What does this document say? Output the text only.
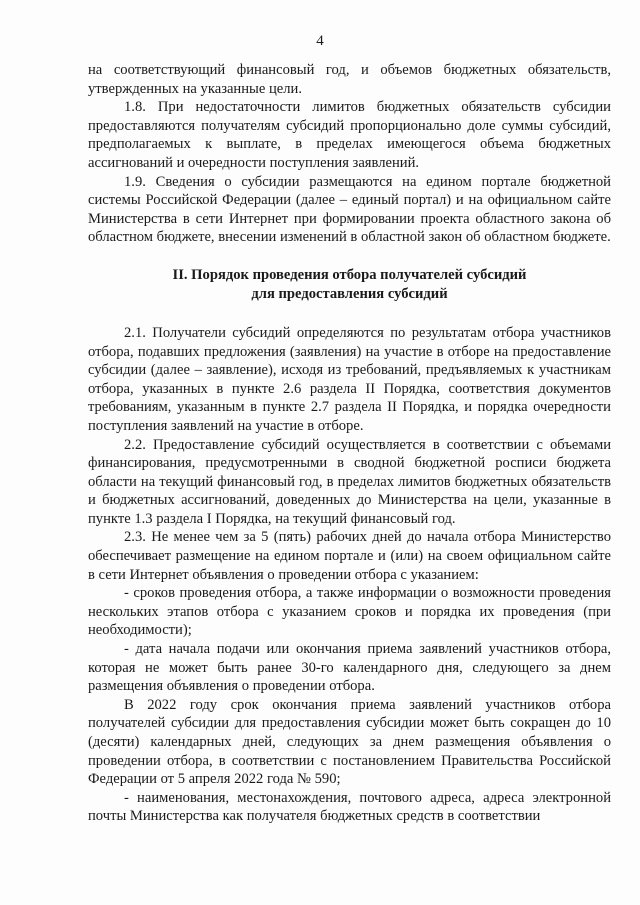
4

на соответствующий финансовый год, и объемов бюджетных обязательств, утвержденных на указанные цели.

1.8. При недостаточности лимитов бюджетных обязательств субсидии предоставляются получателям субсидий пропорционально доле суммы субсидий, предполагаемых к выплате, в пределах имеющегося объема бюджетных ассигнований и очередности поступления заявлений.

1.9. Сведения о субсидии размещаются на едином портале бюджетной системы Российской Федерации (далее – единый портал) и на официальном сайте Министерства в сети Интернет при формировании проекта областного закона об областном бюджете, внесении изменений в областной закон об областном бюджете.

II. Порядок проведения отбора получателей субсидий
для предоставления субсидий

2.1. Получатели субсидий определяются по результатам отбора участников отбора, подавших предложения (заявления) на участие в отборе на предоставление субсидии (далее – заявление), исходя из требований, предъявляемых к участникам отбора, указанных в пункте 2.6 раздела II Порядка, соответствия документов требованиям, указанным в пункте 2.7 раздела II Порядка, и порядка очередности поступления заявлений на участие в отборе.

2.2. Предоставление субсидий осуществляется в соответствии с объемами финансирования, предусмотренными в сводной бюджетной росписи бюджета области на текущий финансовый год, в пределах лимитов бюджетных обязательств и бюджетных ассигнований, доведенных до Министерства на цели, указанные в пункте 1.3 раздела I Порядка, на текущий финансовый год.

2.3. Не менее чем за 5 (пять) рабочих дней до начала отбора Министерство обеспечивает размещение на едином портале и (или) на своем официальном сайте в сети Интернет объявления о проведении отбора с указанием:

- сроков проведения отбора, а также информации о возможности проведения нескольких этапов отбора с указанием сроков и порядка их проведения (при необходимости);

- дата начала подачи или окончания приема заявлений участников отбора, которая не может быть ранее 30-го календарного дня, следующего за днем размещения объявления о проведении отбора.

В 2022 году срок окончания приема заявлений участников отбора получателей субсидии для предоставления субсидии может быть сокращен до 10 (десяти) календарных дней, следующих за днем размещения объявления о проведении отбора, в соответствии с постановлением Правительства Российской Федерации от 5 апреля 2022 года № 590;

- наименования, местонахождения, почтового адреса, адреса электронной почты Министерства как получателя бюджетных средств в соответствии
